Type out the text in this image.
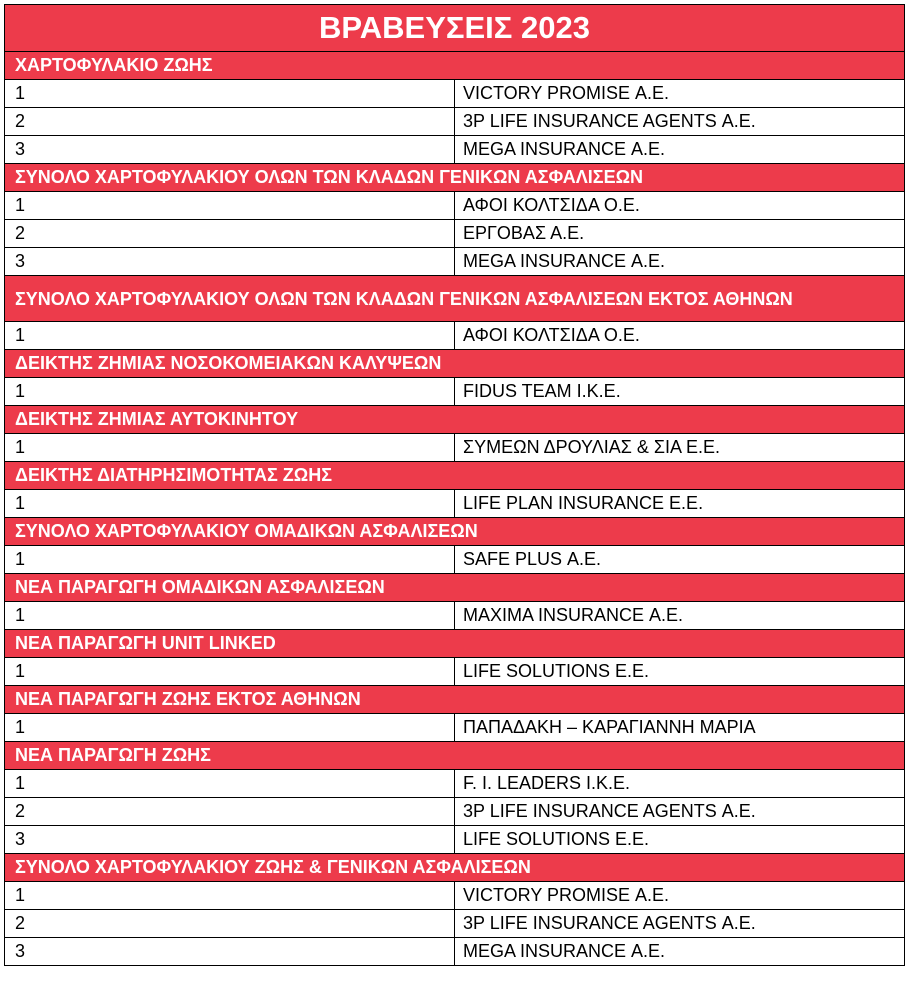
ΒΡΑΒΕΥΣΕΙΣ 2023	
ΧΑΡΤΟΦΥΛΑΚΙΟ ΖΩΗΣ	
1	VICTORY PROMISE Α.Ε.
2	3P LIFE INSURANCE AGENTS Α.Ε.
3	MEGA INSURANCE Α.Ε.
ΣΥΝΟΛΟ ΧΑΡΤΟΦΥΛΑΚΙΟΥ ΟΛΩΝ ΤΩΝ ΚΛΑΔΩΝ ΓΕΝΙΚΩΝ ΑΣΦΑΛΙΣΕΩΝ	
1	ΑΦΟΙ ΚΟΛΤΣΙΔΑ Ο.Ε.
2	ΕΡΓΟΒΑΣ Α.Ε.
3	MEGA INSURANCE Α.Ε.
ΣΥΝΟΛΟ ΧΑΡΤΟΦΥΛΑΚΙΟΥ ΟΛΩΝ ΤΩΝ ΚΛΑΔΩΝ ΓΕΝΙΚΩΝ ΑΣΦΑΛΙΣΕΩΝ ΕΚΤΟΣ ΑΘΗΝΩΝ	
1	ΑΦΟΙ ΚΟΛΤΣΙΔΑ Ο.Ε.
ΔΕΙΚΤΗΣ ΖΗΜΙΑΣ ΝΟΣΟΚΟΜΕΙΑΚΩΝ ΚΑΛΥΨΕΩΝ	
1	FIDUS TEAM I.K.E.
ΔΕΙΚΤΗΣ ΖΗΜΙΑΣ ΑΥΤΟΚΙΝΗΤΟΥ	
1	ΣΥΜΕΩΝ ΔΡΟΥΛΙΑΣ & ΣΙΑ Ε.Ε.
ΔΕΙΚΤΗΣ ΔΙΑΤΗΡΗΣΙΜΟΤΗΤΑΣ ΖΩΗΣ	
1	LIFE PLAN INSURANCE E.E.
ΣΥΝΟΛΟ ΧΑΡΤΟΦΥΛΑΚΙΟΥ ΟΜΑΔΙΚΩΝ ΑΣΦΑΛΙΣΕΩΝ	
1	SAFE PLUS Α.Ε.
ΝΕΑ ΠΑΡΑΓΩΓΗ ΟΜΑΔΙΚΩΝ ΑΣΦΑΛΙΣΕΩΝ	
1	MAXIMA INSURANCE Α.Ε.
ΝΕΑ ΠΑΡΑΓΩΓΗ UNIT LINKED	
1	LIFE SOLUTIONS Ε.Ε.
ΝΕΑ ΠΑΡΑΓΩΓΗ ΖΩΗΣ ΕΚΤΟΣ ΑΘΗΝΩΝ	
1	ΠΑΠΑΔΑΚΗ – ΚΑΡΑΓΙΑΝΝΗ ΜΑΡΙΑ
ΝΕΑ ΠΑΡΑΓΩΓΗ ΖΩΗΣ	
1	F. I. LEADERS I.K.E.
2	3P LIFE INSURANCE AGENTS Α.Ε.
3	LIFE SOLUTIONS Ε.Ε.
ΣΥΝΟΛΟ ΧΑΡΤΟΦΥΛΑΚΙΟΥ ΖΩΗΣ & ΓΕΝΙΚΩΝ ΑΣΦΑΛΙΣΕΩΝ	
1	VICTORY PROMISE Α.Ε.
2	3P LIFE INSURANCE AGENTS Α.Ε.
3	MEGA INSURANCE Α.Ε.
